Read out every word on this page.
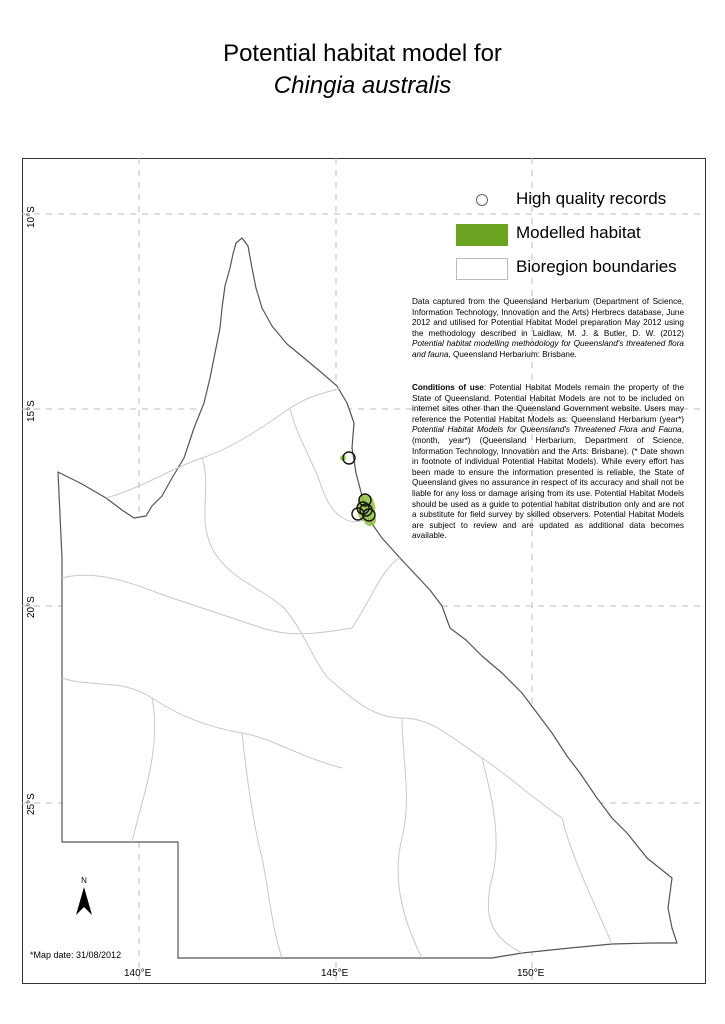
Potential habitat model for
Chingia australis
10°S
15°S
20°S
25°S
140°E	145°E	150°E
High quality records
Modelled habitat
Bioregion boundaries
Data captured from the Queensland Herbarium (Department of Science, Information Technology, Innovation and the Arts) Herbrecs database, June 2012 and utilised for Potential Habitat Model preparation May 2012 using the methodology described in Laidlaw, M. J. & Butler, D. W. (2012) Potential habitat modelling methodology for Queensland's threatened flora and fauna, Queensland Herbarium: Brisbane.
Conditions of use: Potential Habitat Models remain the property of the State of Queensland. Potential Habitat Models are not to be included on internet sites other than the Queensland Government website. Users may reference the Potential Habitat Models as: Queensland Herbarium (year*) Potential Habitat Models for Queensland's Threatened Flora and Fauna, (month, year*) (Queensland Herbarium, Department of Science, Information Technology, Innovation and the Arts: Brisbane). (* Date shown in footnote of individual Potential Habitat Models). While every effort has been made to ensure the information presented is reliable, the State of Queensland gives no assurance in respect of its accuracy and shall not be liable for any loss or damage arising from its use. Potential Habitat Models should be used as a guide to potential habitat distribution only and are not a substitute for field survey by skilled observers. Potential Habitat Models are subject to review and are updated as additional data becomes available.
N
*Map date: 31/08/2012
